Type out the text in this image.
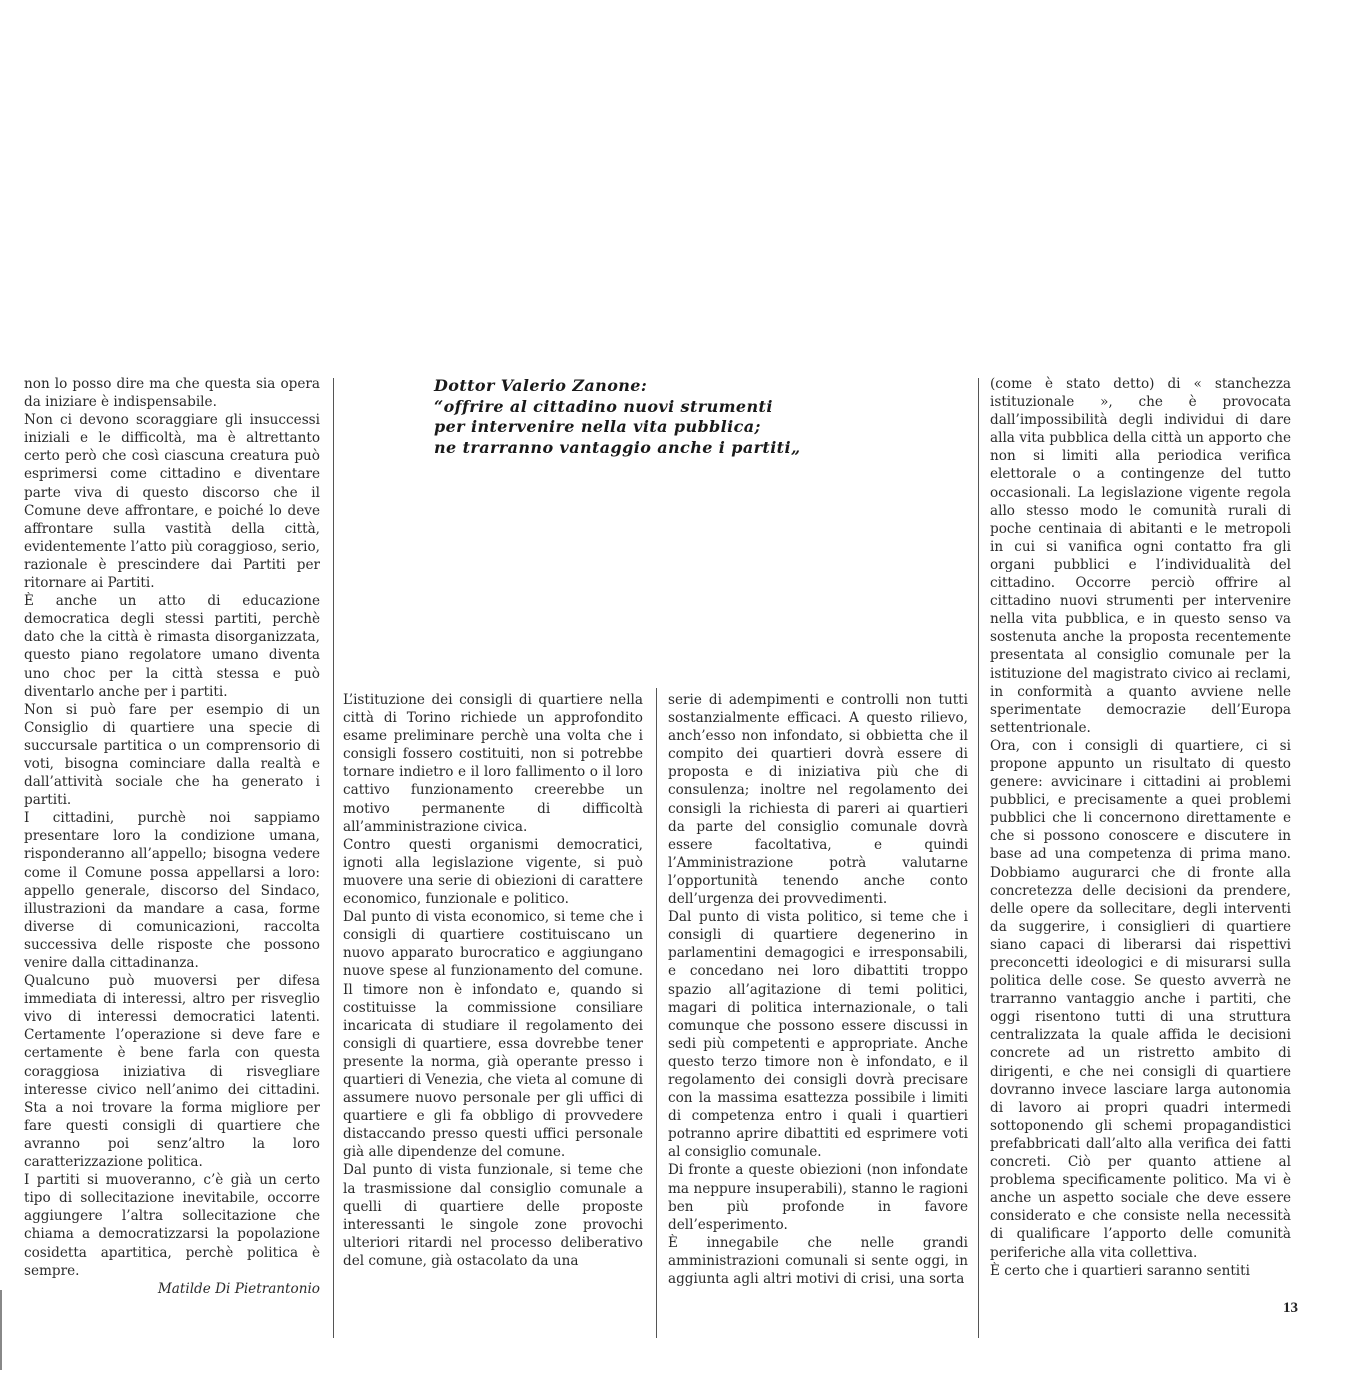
non lo posso dire ma che questa sia opera da iniziare è indispensabile.

Non ci devono scoraggiare gli insuccessi iniziali e le difficoltà, ma è altrettanto certo però che così ciascuna creatura può esprimersi come cittadino e diventare parte viva di questo discorso che il Comune deve affrontare, e poiché lo deve affrontare sulla vastità della città, evidentemente l’atto più coraggioso, serio, razionale è prescindere dai Partiti per ritornare ai Partiti.

È anche un atto di educazione democratica degli stessi partiti, perchè dato che la città è rimasta disorganizzata, questo piano regolatore umano diventa uno choc per la città stessa e può diventarlo anche per i partiti.

Non si può fare per esempio di un Consiglio di quartiere una specie di succursale partitica o un comprensorio di voti, bisogna cominciare dalla realtà e dall’attività sociale che ha generato i partiti.

I cittadini, purchè noi sappiamo presentare loro la condizione umana, risponderanno all’appello; bisogna vedere come il Comune possa appellarsi a loro: appello generale, discorso del Sindaco, illustrazioni da mandare a casa, forme diverse di comunicazioni, raccolta successiva delle risposte che possono venire dalla cittadinanza.

Qualcuno può muoversi per difesa immediata di interessi, altro per risveglio vivo di interessi democratici latenti. Certamente l’operazione si deve fare e certamente è bene farla con questa coraggiosa iniziativa di risvegliare interesse civico nell’animo dei cittadini. Sta a noi trovare la forma migliore per fare questi consigli di quartiere che avranno poi senz’altro la loro caratterizzazione politica.

I partiti si muoveranno, c’è già un certo tipo di sollecitazione inevitabile, occorre aggiungere l’altra sollecitazione che chiama a democratizzarsi la popolazione cosidetta apartitica, perchè politica è sempre.

Matilde Di Pietrantonio

Dottor Valerio Zanone:
“offrire al cittadino nuovi strumenti
per intervenire nella vita pubblica;
ne trarranno vantaggio anche i partiti„

L’istituzione dei consigli di quartiere nella città di Torino richiede un approfondito esame preliminare perchè una volta che i consigli fossero costituiti, non si potrebbe tornare indietro e il loro fallimento o il loro cattivo funzionamento creerebbe un motivo permanente di difficoltà all’amministrazione civica.

Contro questi organismi democratici, ignoti alla legislazione vigente, si può muovere una serie di obiezioni di carattere economico, funzionale e politico.

Dal punto di vista economico, si teme che i consigli di quartiere costituiscano un nuovo apparato burocratico e aggiungano nuove spese al funzionamento del comune. Il timore non è infondato e, quando si costituisse la commissione consiliare incaricata di studiare il regolamento dei consigli di quartiere, essa dovrebbe tener presente la norma, già operante presso i quartieri di Venezia, che vieta al comune di assumere nuovo personale per gli uffici di quartiere e gli fa obbligo di provvedere distaccando presso questi uffici personale già alle dipendenze del comune.

Dal punto di vista funzionale, si teme che la trasmissione dal consiglio comunale a quelli di quartiere delle proposte interessanti le singole zone provochi ulteriori ritardi nel processo deliberativo del comune, già ostacolato da una

serie di adempimenti e controlli non tutti sostanzialmente efficaci. A questo rilievo, anch’esso non infondato, si obbietta che il compito dei quartieri dovrà essere di proposta e di iniziativa più che di consulenza; inoltre nel regolamento dei consigli la richiesta di pareri ai quartieri da parte del consiglio comunale dovrà essere facoltativa, e quindi l’Amministrazione potrà valutarne l’opportunità tenendo anche conto dell’urgenza dei provvedimenti.

Dal punto di vista politico, si teme che i consigli di quartiere degenerino in parlamentini demagogici e irresponsabili, e concedano nei loro dibattiti troppo spazio all’agitazione di temi politici, magari di politica internazionale, o tali comunque che possono essere discussi in sedi più competenti e appropriate. Anche questo terzo timore non è infondato, e il regolamento dei consigli dovrà precisare con la massima esattezza possibile i limiti di competenza entro i quali i quartieri potranno aprire dibattiti ed esprimere voti al consiglio comunale.

Di fronte a queste obiezioni (non infondate ma neppure insuperabili), stanno le ragioni ben più profonde in favore dell’esperimento.

È innegabile che nelle grandi amministrazioni comunali si sente oggi, in aggiunta agli altri motivi di crisi, una sorta

(come è stato detto) di « stanchezza istituzionale », che è provocata dall’impossibilità degli individui di dare alla vita pubblica della città un apporto che non si limiti alla periodica verifica elettorale o a contingenze del tutto occasionali. La legislazione vigente regola allo stesso modo le comunità rurali di poche centinaia di abitanti e le metropoli in cui si vanifica ogni contatto fra gli organi pubblici e l’individualità del cittadino. Occorre perciò offrire al cittadino nuovi strumenti per intervenire nella vita pubblica, e in questo senso va sostenuta anche la proposta recentemente presentata al consiglio comunale per la istituzione del magistrato civico ai reclami, in conformità a quanto avviene nelle sperimentate democrazie dell’Europa settentrionale.

Ora, con i consigli di quartiere, ci si propone appunto un risultato di questo genere: avvicinare i cittadini ai problemi pubblici, e precisamente a quei problemi pubblici che li concernono direttamente e che si possono conoscere e discutere in base ad una competenza di prima mano. Dobbiamo augurarci che di fronte alla concretezza delle decisioni da prendere, delle opere da sollecitare, degli interventi da suggerire, i consiglieri di quartiere siano capaci di liberarsi dai rispettivi preconcetti ideologici e di misurarsi sulla politica delle cose. Se questo avverrà ne trarranno vantaggio anche i partiti, che oggi risentono tutti di una struttura centralizzata la quale affida le decisioni concrete ad un ristretto ambito di dirigenti, e che nei consigli di quartiere dovranno invece lasciare larga autonomia di lavoro ai propri quadri intermedi sottoponendo gli schemi propagandistici prefabbricati dall’alto alla verifica dei fatti concreti. Ciò per quanto attiene al problema specificamente politico. Ma vi è anche un aspetto sociale che deve essere considerato e che consiste nella necessità di qualificare l’apporto delle comunità periferiche alla vita collettiva.

È certo che i quartieri saranno sentiti

13
